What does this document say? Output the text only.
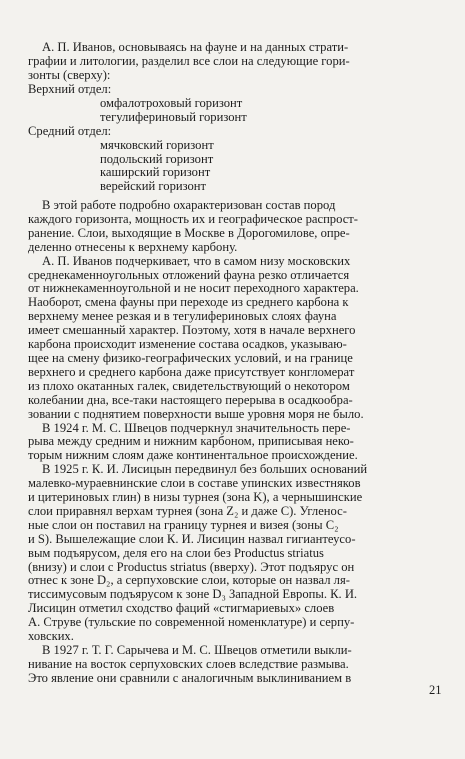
А. П. Иванов, основываясь на фауне и на данных страти-
графии и литологии, разделил все слои на следующие гори-
зонты (сверху):
Верхний отдел:
омфалотроховый горизонт
тегулифериновый горизонт
Средний отдел:
мячковский горизонт
подольский горизонт
каширский горизонт
верейский горизонт
В этой работе подробно охарактеризован состав пород
каждого горизонта, мощность их и географическое распрост-
ранение. Слои, выходящие в Москве в Дорогомилове, опре-
деленно отнесены к верхнему карбону.
А. П. Иванов подчеркивает, что в самом низу московских
среднекаменноугольных отложений фауна резко отличается
от нижнекаменноугольной и не носит переходного характера.
Наоборот, смена фауны при переходе из среднего карбона к
верхнему менее резкая и в тегулифериновых слоях фауна
имеет смешанный характер. Поэтому, хотя в начале верхнего
карбона происходит изменение состава осадков, указываю-
щее на смену физико-географических условий, и на границе
верхнего и среднего карбона даже присутствует конгломерат
из плохо окатанных галек, свидетельствующий о некотором
колебании дна, все-таки настоящего перерыва в осадкообра-
зовании с поднятием поверхности выше уровня моря не было.
В 1924 г. М. С. Швецов подчеркнул значительность пере-
рыва между средним и нижним карбоном, приписывая неко-
торым нижним слоям даже континентальное происхождение.
В 1925 г. К. И. Лисицын передвинул без больших оснований
малевко-мураевнинские слои в составе упинских известняков
и цитериновых глин) в низы турнея (зона K), а чернышинские
слои приравнял верхам турнея (зона Z₂ и даже C). Угленос-
ные слои он поставил на границу турнея и визея (зоны C₂
и S). Вышележащие слои К. И. Лисицин назвал гигиантеусо-
вым подъярусом, деля его на слои без Productus striatus
(внизу) и слои с Productus striatus (вверху). Этот подъярус он
отнес к зоне D₂, а серпуховские слои, которые он назвал ля-
тиссимусовым подъярусом к зоне D₃ Западной Европы. К. И.
Лисицин отметил сходство фаций «стигмариевых» слоев
А. Струве (тульские по современной номенклатуре) и серпу-
ховских.
В 1927 г. Т. Г. Сарычева и М. С. Швецов отметили выкли-
нивание на восток серпуховских слоев вследствие размыва.
Это явление они сравнили с аналогичным выклиниванием в
21
